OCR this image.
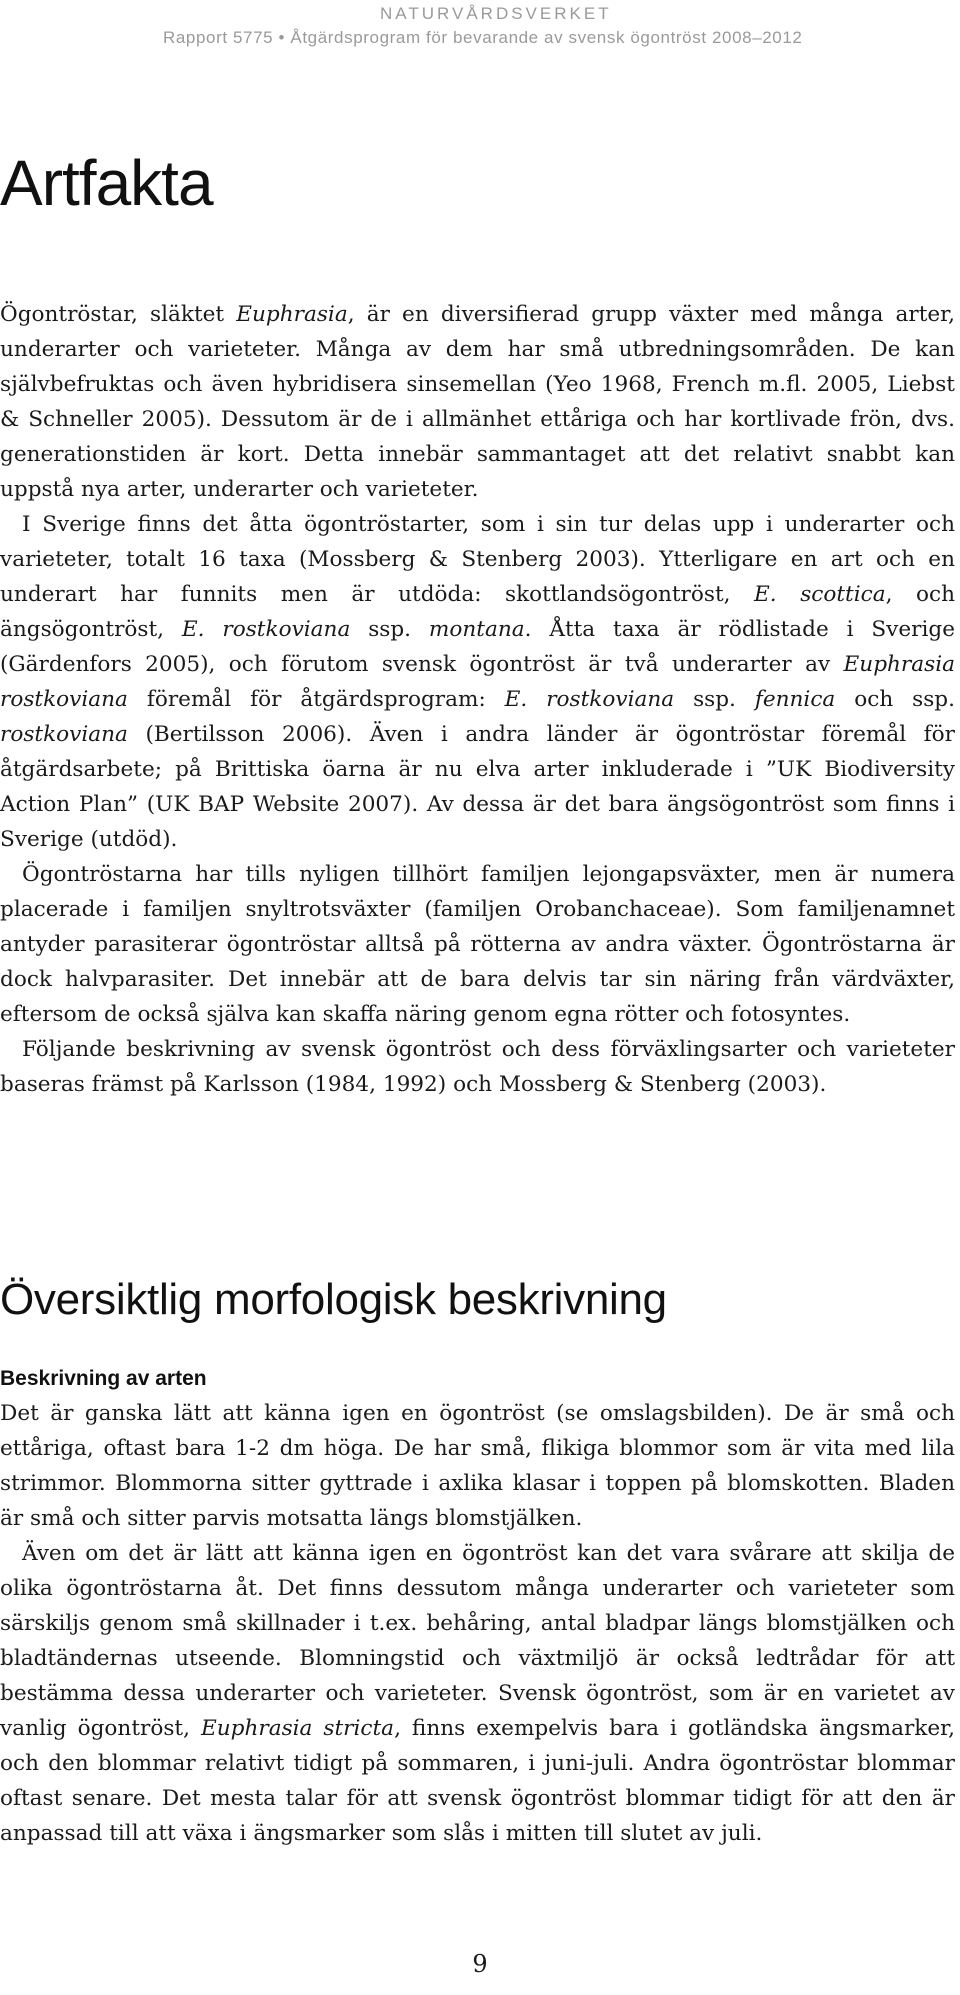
NATURVÅRDSVERKET
Rapport 5775 • Åtgärdsprogram för bevarande av svensk ögontröst 2008–2012
Artfakta

Ögontröstar, släktet Euphrasia, är en diversifierad grupp växter med många arter, underarter och varieteter. Många av dem har små utbredningsområden. De kan självbefruktas och även hybridisera sinsemellan (Yeo 1968, French m.fl. 2005, Liebst & Schneller 2005). Dessutom är de i allmänhet ettåriga och har kortlivade frön, dvs. generationstiden är kort. Detta innebär sammantaget att det relativt snabbt kan uppstå nya arter, underarter och varieteter.

I Sverige finns det åtta ögontröstarter, som i sin tur delas upp i underarter och varieteter, totalt 16 taxa (Mossberg & Stenberg 2003). Ytterligare en art och en underart har funnits men är utdöda: skottlandsögontröst, E. scottica, och ängsögontröst, E. rostkoviana ssp. montana. Åtta taxa är rödlistade i Sverige (Gärdenfors 2005), och förutom svensk ögontröst är två underarter av Euphrasia rostkoviana föremål för åtgärdsprogram: E. rostkoviana ssp. fennica och ssp. rostkoviana (Bertilsson 2006). Även i andra länder är ögontröstar föremål för åtgärdsarbete; på Brittiska öarna är nu elva arter inkluderade i ”UK Biodiversity Action Plan” (UK BAP Website 2007). Av dessa är det bara ängsögontröst som finns i Sverige (utdöd).

Ögontröstarna har tills nyligen tillhört familjen lejongapsväxter, men är numera placerade i familjen snyltrotsväxter (familjen Orobanchaceae). Som familjenamnet antyder parasiterar ögontröstar alltså på rötterna av andra växter. Ögontröstarna är dock halvparasiter. Det innebär att de bara delvis tar sin näring från värdväxter, eftersom de också själva kan skaffa näring genom egna rötter och fotosyntes.

Följande beskrivning av svensk ögontröst och dess förväxlingsarter och varieteter baseras främst på Karlsson (1984, 1992) och Mossberg & Stenberg (2003).

Översiktlig morfologisk beskrivning
Beskrivning av arten

Det är ganska lätt att känna igen en ögontröst (se omslagsbilden). De är små och ettåriga, oftast bara 1-2 dm höga. De har små, flikiga blommor som är vita med lila strimmor. Blommorna sitter gyttrade i axlika klasar i toppen på blomskotten. Bladen är små och sitter parvis motsatta längs blomstjälken.

Även om det är lätt att känna igen en ögontröst kan det vara svårare att skilja de olika ögontröstarna åt. Det finns dessutom många underarter och varieteter som särskiljs genom små skillnader i t.ex. behåring, antal bladpar längs blomstjälken och bladtändernas utseende. Blomningstid och växtmiljö är också ledtrådar för att bestämma dessa underarter och varieteter. Svensk ögontröst, som är en varietet av vanlig ögontröst, Euphrasia stricta, finns exempelvis bara i gotländska ängsmarker, och den blommar relativt tidigt på sommaren, i juni-juli. Andra ögontröstar blommar oftast senare. Det mesta talar för att svensk ögontröst blommar tidigt för att den är anpassad till att växa i ängsmarker som slås i mitten till slutet av juli.

9
